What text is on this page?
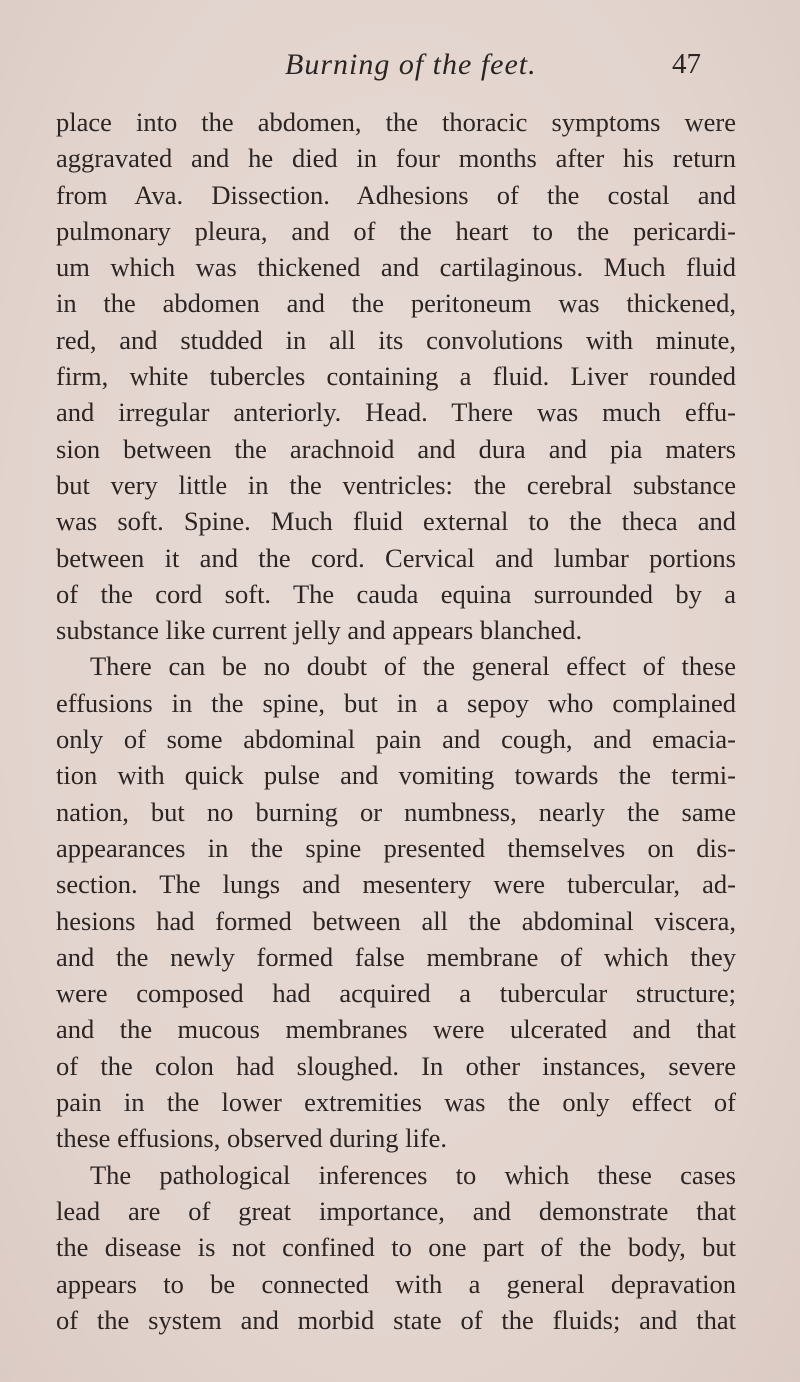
Burning of the feet.	47
place into the abdomen, the thoracic symptoms were
aggravated and he died in four months after his return
from Ava. Dissection. Adhesions of the costal and
pulmonary pleura, and of the heart to the pericardi-
um which was thickened and cartilaginous. Much fluid
in the abdomen and the peritoneum was thickened,
red, and studded in all its convolutions with minute,
firm, white tubercles containing a fluid. Liver rounded
and irregular anteriorly. Head. There was much effu-
sion between the arachnoid and dura and pia maters
but very little in the ventricles: the cerebral substance
was soft. Spine. Much fluid external to the theca and
between it and the cord. Cervical and lumbar portions
of the cord soft. The cauda equina surrounded by a
substance like current jelly and appears blanched.
There can be no doubt of the general effect of these
effusions in the spine, but in a sepoy who complained
only of some abdominal pain and cough, and emacia-
tion with quick pulse and vomiting towards the termi-
nation, but no burning or numbness, nearly the same
appearances in the spine presented themselves on dis-
section. The lungs and mesentery were tubercular, ad-
hesions had formed between all the abdominal viscera,
and the newly formed false membrane of which they
were composed had acquired a tubercular structure;
and the mucous membranes were ulcerated and that
of the colon had sloughed. In other instances, severe
pain in the lower extremities was the only effect of
these effusions, observed during life.
The pathological inferences to which these cases
lead are of great importance, and demonstrate that
the disease is not confined to one part of the body, but
appears to be connected with a general depravation
of the system and morbid state of the fluids; and that
